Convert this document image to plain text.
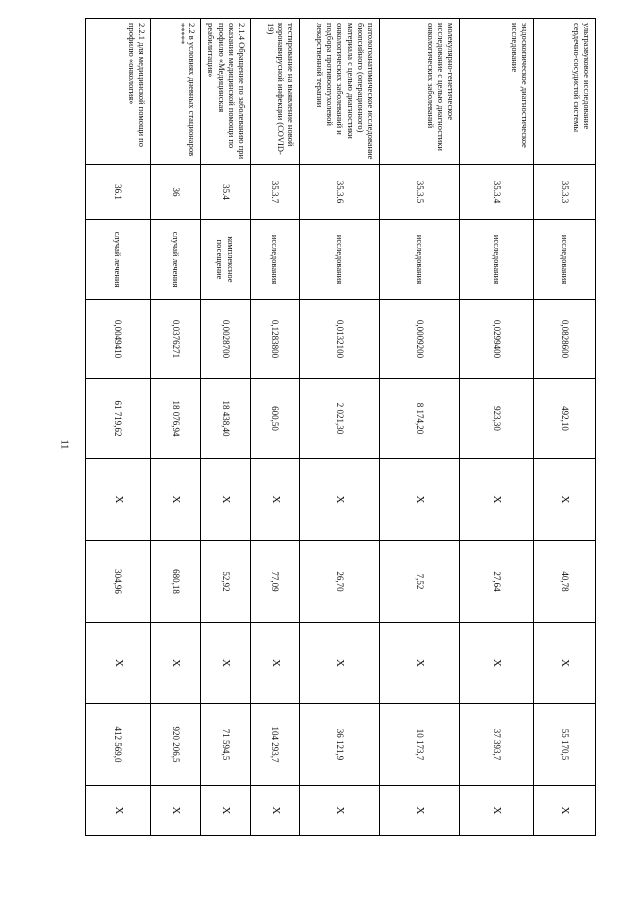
11
ультразвуковое исследование сердечно-сосудистой системы	35.3.3	исследования	0,0828600	492,10	X	40,78	X	55 170,5	X
эндоскопическое диагностическое исследование	35.3.4	исследования	0,0299400	923,30	X	27,64	X	37 393,7	X
молекулярно-генетическое исследование с целью диагностики онкологических заболеваний	35.3.5	исследования	0,0009200	8 174,20	X	7,52	X	10 173,7	X
патологоанатомическое исследование биопсийного (операционного) материала с целью диагностики онкологических заболеваний и подбора противоопухолевой лекарственной терапии	35.3.6	исследования	0,0132100	2 021,30	X	26,70	X	36 121,9	X
тестирование на выявление новой коронавирусной инфекции (COVID-19)	35.3.7	исследования	0,1283800	600,50	X	77,09	X	104 293,7	X
2.1.4 Обращение по заболеванию при оказании медицинской помощи по профилю «Медицинская реабилитация»	35.4	комплексное посещение	0,0028700	18 438,40	X	52,92	X	71 594,5	X
2.2 в условиях дневных стационаров *****	36	случай лечения	0,0376271	18 076,94	X	680,18	X	920 206,5	X
2.2.1 для медицинской помощи по профилю «онкология»	36.1	случай лечения	0,0049410	61 719,62	X	304,96	X	412 569,0	X
